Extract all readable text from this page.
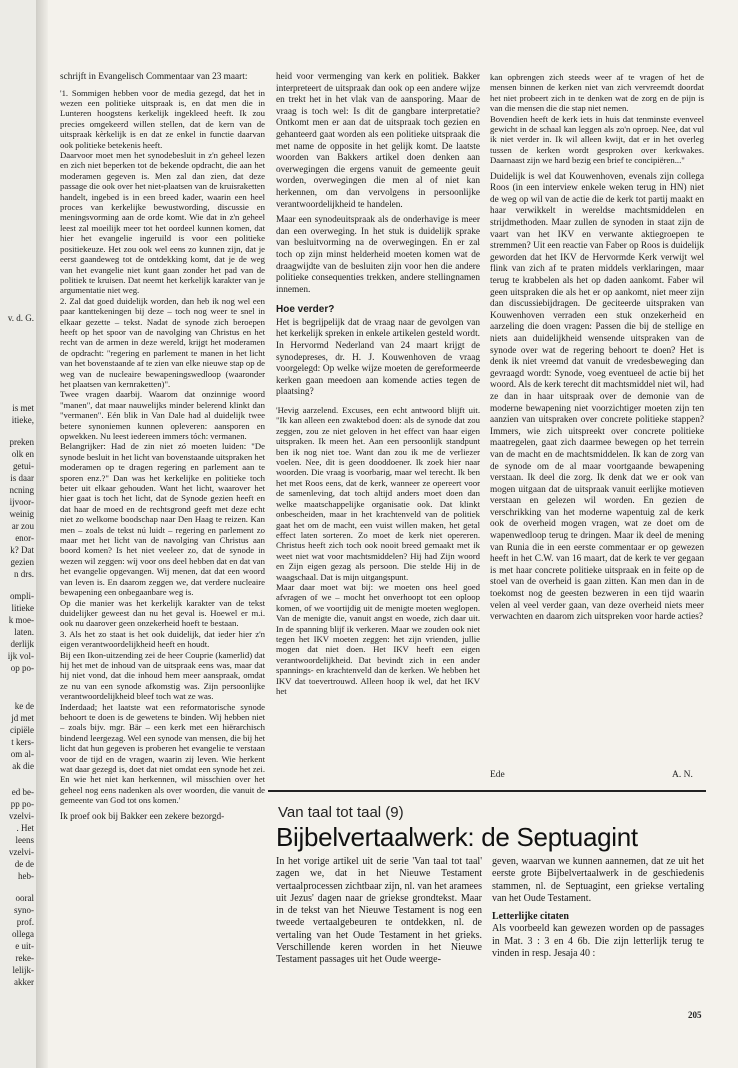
v. d. G.
is met
itieke,
preken
olk en
getui-
is daar
ncning
ijvoor-
weinig
ar zou
enor-
k? Dat
gezien
n drs.
ompli-
litieke
k moe-
laten.
derlijk
ijk vol-
op po-
ke de
jd met
cipiële
t kers-
om al-
ak die
ed be-
pp po-
vzelvi-
. Het
leens
vzelvi-
de de
heb-
ooral
syno-
prof.
ollega
e uit-
reke-
lelijk-
akker

schrijft in Evangelisch Commentaar van 23 maart:

'1. Sommigen hebben voor de media gezegd, dat het in wezen een politieke uitspraak is, en dat men die in Lunteren hoogstens kerkelijk ingekleed heeft. Ik zou precies omgekeerd willen stellen, dat de kern van de uitspraak kèrkelijk is en dat ze enkel in functie daarvan ook politieke betekenis heeft.

Daarvoor moet men het synodebesluit in z'n geheel lezen en zich niet beperken tot de bekende opdracht, die aan het moderamen gegeven is. Men zal dan zien, dat deze passage die ook over het niet-plaatsen van de kruisraketten handelt, ingebed is in een breed kader, waarin een heel proces van kerkelijke bewustwording, discussie en meningsvorming aan de orde komt. Wie dat in z'n geheel leest zal moeilijk meer tot het oordeel kunnen komen, dat hier het evangelie ingeruild is voor een politieke positiekeuze. Het zou ook wel eens zo kunnen zijn, dat je eerst gaandeweg tot de ontdekking komt, dat je de weg van het evangelie niet kunt gaan zonder het pad van de politiek te kruisen. Dat neemt het kerkelijk karakter van je argumentatie niet weg.

2. Zal dat goed duidelijk worden, dan heb ik nog wel een paar kanttekeningen bij deze – toch nog weer te snel in elkaar gezette – tekst. Nadat de synode zich beroepen heeft op het spoor van de navolging van Christus en het recht van de armen in deze wereld, krijgt het moderamen de opdracht: "regering en parlement te manen in het licht van het bovenstaande af te zien van elke nieuwe stap op de weg van de nucleaire bewapeningswedloop (waaronder het plaatsen van kernraketten)".

Twee vragen daarbij. Waarom dat onzinnige woord "manen", dat maar nauwelijks minder belerend klinkt dan "vermanen". Eén blik in Van Dale had al duidelijk twee betere synoniemen kunnen opleveren: aansporen en opwekken. Nu leest iedereen immers tóch: vermanen.

Belangrijker: Had de zin niet zó moeten luiden: "De synode besluit in het licht van bovenstaande uitspraken het moderamen op te dragen regering en parlement aan te sporen enz.?" Dan was het kerkelijke en politieke toch beter uit elkaar gehouden. Want het licht, waarover het hier gaat is toch het licht, dat de Synode gezien heeft en dat haar de moed en de rechtsgrond geeft met deze echt niet zo welkome boodschap naar Den Haag te reizen. Kan men – zoals de tekst nú luidt – regering en parlement zo maar met het licht van de navolging van Christus aan boord komen? Is het niet veeleer zo, dat de synode in wezen wil zeggen: wíj voor ons deel hebben dat en dat van het evangelie opgevangen. Wij menen, dat dat een woord van leven is. En daarom zeggen we, dat verdere nucleaire bewapening een onbegaanbare weg is.

Op die manier was het kerkelijk karakter van de tekst duidelijker geweest dan nu het geval is. Hoewel er m.i. ook nu daarover geen onzekerheid hoeft te bestaan.

3. Als het zo staat is het ook duidelijk, dat ieder hier z'n eigen verantwoordelijkheid heeft en houdt.

Bij een Ikon-uitzending zei de heer Couprie (kamerlid) dat hij het met de inhoud van de uitspraak eens was, maar dat hij niet vond, dat die inhoud hem meer aanspraak, omdat ze nu van een synode afkomstig was. Zijn persoonlijke verantwoordelijkheid bleef toch wat ze was.

Inderdaad; het laatste wat een reformatorische synode behoort te doen is de gewetens te binden. Wij hebben niet – zoals bijv. mgr. Bär – een kerk met een hiërarchisch bindend leergezag. Wel een synode van mensen, die bij het licht dat hun gegeven is proberen het evangelie te verstaan voor de tijd en de vragen, waarin zij leven. Wie herkent wat daar gezegd is, doet dat niet omdat een synode het zei. En wie het niet kan herkennen, wil misschien over het geheel nog eens nadenken als over woorden, die vanuit de gemeente van God tot ons komen.'

Ik proef ook bij Bakker een zekere bezorgd-

heid voor vermenging van kerk en politiek. Bakker interpreteert de uitspraak dan ook op een andere wijze en trekt het in het vlak van de aansporing. Maar de vraag is toch wel: Is dit de gangbare interpretatie? Ontkomt men er aan dat de uitspraak toch gezien en gehanteerd gaat worden als een politieke uitspraak die met name de opposite in het gelijk komt. De laatste woorden van Bakkers artikel doen denken aan overwegingen die ergens vanuit de gemeente geuit worden, overwegingen die men al of niet kan herkennen, om dan vervolgens in persoonlijke verantwoordelijkheid te handelen.

Maar een synodeuitspraak als de onderhavige is meer dan een overweging. In het stuk is duidelijk sprake van besluitvorming na de overwegingen. En er zal toch op zijn minst helderheid moeten komen wat de draagwijdte van de besluiten zijn voor hen die andere politieke consequenties trekken, andere stellingnamen innemen.

Hoe verder?

Het is begrijpelijk dat de vraag naar de gevolgen van het kerkelijk spreken in enkele artikelen gesteld wordt. In Hervormd Nederland van 24 maart krijgt de synodepreses, dr. H. J. Kouwenhoven de vraag voorgelegd: Op welke wijze moeten de gereformeerde kerken gaan meedoen aan komende acties tegen de plaatsing?

'Hevig aarzelend. Excuses, een echt antwoord blijft uit. "Ik kan alleen een zwaktebod doen: als de synode dat zou zeggen, zou ze niet geloven in het effect van haar eigen uitspraken. Ik meen het. Aan een persoonlijk standpunt ben ik nog niet toe. Want dan zou ik me de verliezer voelen. Nee, dit is geen dooddoener. Ik zoek hier naar woorden. Die vraag is voorbarig, maar wel terecht. Ik ben het met Roos eens, dat de kerk, wanneer ze opereert voor de samenleving, dat toch altijd anders moet doen dan welke maatschappelijke organisatie ook. Dat klinkt onbescheiden, maar in het krachtenveld van de politiek gaat het om de macht, een vuist willen maken, het getal effect laten sorteren. Zo moet de kerk niet opereren. Christus heeft zich toch ook nooit breed gemaakt met ik weet niet wat voor machtsmiddelen? Hij had Zijn woord en Zijn eigen gezag als persoon. Die stelde Hij in de waagschaal. Dat is mijn uitgangspunt.

Maar daar moet wat bij: we moeten ons heel goed afvragen of we – mocht het onverhoopt tot een oploop komen, of we voortijdig uit de menigte moeten weglopen. Van de menigte die, vanuit angst en woede, zich daar uit. In de spanning blijf ik verkeren. Maar we zouden ook niet tegen het IKV moeten zeggen: het zijn vrienden, jullie mogen dat niet doen. Het IKV heeft een eigen verantwoordelijkheid. Dat bevindt zich in een ander spannings- en krachtenveld dan de kerken. We hebben het IKV dat toevertrouwd. Alleen hoop ik wel, dat het IKV het

kan opbrengen zich steeds weer af te vragen of het de mensen binnen de kerken niet van zich vervreemdt doordat het niet probeert zich in te denken wat de zorg en de pijn is van die mensen die die stap niet nemen.

Bovendien heeft de kerk iets in huis dat tenminste evenveel gewicht in de schaal kan leggen als zo'n oproep. Nee, dat vul ik niet verder in. Ik wil alleen kwijt, dat er in het overleg tussen de kerken wordt gesproken over kerkwakes. Daarnaast zijn we hard bezig een brief te concipiëren..."

Duidelijk is wel dat Kouwenhoven, evenals zijn collega Roos (in een interview enkele weken terug in HN) niet de weg op wil van de actie die de kerk tot partij maakt en haar verwikkelt in wereldse machtsmiddelen en strijdmethoden. Maar zullen de synoden in staat zijn de vaart van het IKV en verwante aktiegroepen te stremmen? Uit een reactie van Faber op Roos is duidelijk geworden dat het IKV de Hervormde Kerk verwijt wel flink van zich af te praten middels verklaringen, maar terug te krabbelen als het op daden aankomt. Faber wil geen uitspraken die als het er op aankomt, niet meer zijn dan discussiebijdragen. De geciteerde uitspraken van Kouwenhoven verraden een stuk onzekerheid en aarzeling die doen vragen: Passen die bij de stellige en niets aan duidelijkheid wensende uitspraken van de synode over wat de regering behoort te doen? Het is denk ik niet vreemd dat vanuit de vredesbeweging dan gevraagd wordt: Synode, voeg eventueel de actie bij het woord. Als de kerk terecht dit machtsmiddel niet wil, had ze dan in haar uitspraak over de demonie van de moderne bewapening niet voorzichtiger moeten zijn ten aanzien van uitspraken over concrete politieke stappen? Immers, wie zich uitspreekt over concrete politieke maatregelen, gaat zich daarmee bewegen op het terrein van de macht en de machtsmiddelen. Ik kan de zorg van de synode om de al maar voortgaande bewapening verstaan. Ik deel die zorg. Ik denk dat we er ook van mogen uitgaan dat de uitspraak vanuit eerlijke motieven verstaan en gelezen wil worden. En gezien de verschrikking van het moderne wapentuig zal de kerk ook de overheid mogen vragen, wat ze doet om de wapenwedloop terug te dringen. Maar ik deel de mening van Runia die in een eerste commentaar er op gewezen heeft in het C.W. van 16 maart, dat de kerk te ver gegaan is met haar concrete politieke uitspraak en in feite op de stoel van de overheid is gaan zitten. Kan men dan in de toekomst nog de geesten bezweren in een tijd waarin velen al veel verder gaan, van deze overheid niets meer verwachten en daarom zich uitspreken voor harde acties?

Ede	A. N.
Van taal tot taal (9)
Bijbelvertaalwerk: de Septuagint

In het vorige artikel uit de serie 'Van taal tot taal' zagen we, dat in het Nieuwe Testament vertaalprocessen zichtbaar zijn, nl. van het aramees uit Jezus' dagen naar de griekse grondtekst. Maar in de tekst van het Nieuwe Testament is nog een tweede vertaalgebeuren te ontdekken, nl. de vertaling van het Oude Testament in het grieks. Verschillende keren worden in het Nieuwe Testament passages uit het Oude weerge-

geven, waarvan we kunnen aannemen, dat ze uit het eerste grote Bijbelvertaalwerk in de geschiedenis stammen, nl. de Septuagint, een griekse vertaling van het Oude Testament.

Letterlijke citaten

Als voorbeeld kan gewezen worden op de passages in Mat. 3 : 3 en 4 6b. Die zijn letterlijk terug te vinden in resp. Jesaja 40 :

205
